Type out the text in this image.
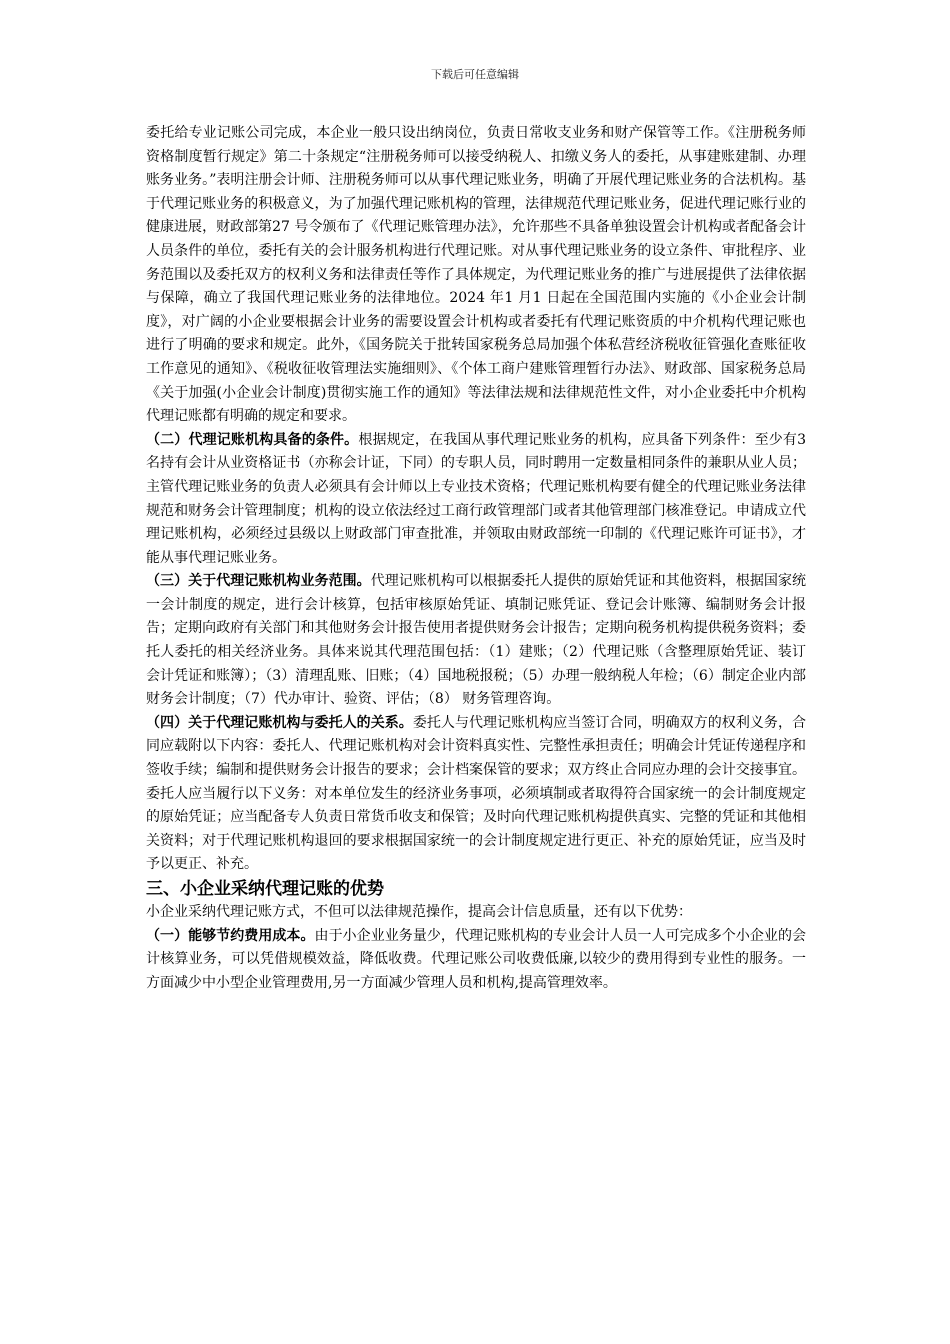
下载后可任意编辑

委托给专业记账公司完成，本企业一般只设出纳岗位，负责日常收支业务和财产保管等工作。《注册税务师资格制度暂行规定》第二十条规定“注册税务师可以接受纳税人、扣缴义务人的委托，从事建账建制、办理账务业务。”表明注册会计师、注册税务师可以从事代理记账业务，明确了开展代理记账业务的合法机构。基于代理记账业务的积极意义，为了加强代理记账机构的管理，法律规范代理记账业务，促进代理记账行业的健康进展，财政部第27 号令颁布了《代理记账管理办法》，允许那些不具备单独设置会计机构或者配备会计人员条件的单位，委托有关的会计服务机构进行代理记账。对从事代理记账业务的设立条件、审批程序、业务范围以及委托双方的权利义务和法律责任等作了具体规定，为代理记账业务的推广与进展提供了法律依据与保障，确立了我国代理记账业务的法律地位。2024 年1 月1 日起在全国范围内实施的《小企业会计制度》，对广阔的小企业要根据会计业务的需要设置会计机构或者委托有代理记账资质的中介机构代理记账也进行了明确的要求和规定。此外，《国务院关于批转国家税务总局加强个体私营经济税收征管强化查账征收工作意见的通知》、《税收征收管理法实施细则》、《个体工商户建账管理暂行办法》、财政部、国家税务总局《关于加强(小企业会计制度)贯彻实施工作的通知》等法律法规和法律规范性文件，对小企业委托中介机构代理记账都有明确的规定和要求。

（二）代理记账机构具备的条件。根据规定，在我国从事代理记账业务的机构，应具备下列条件：至少有3 名持有会计从业资格证书（亦称会计证，下同）的专职人员，同时聘用一定数量相同条件的兼职从业人员；主管代理记账业务的负责人必须具有会计师以上专业技术资格；代理记账机构要有健全的代理记账业务法律规范和财务会计管理制度；机构的设立依法经过工商行政管理部门或者其他管理部门核准登记。申请成立代理记账机构，必须经过县级以上财政部门审查批准，并领取由财政部统一印制的《代理记账许可证书》，才能从事代理记账业务。

（三）关于代理记账机构业务范围。代理记账机构可以根据委托人提供的原始凭证和其他资料，根据国家统一会计制度的规定，进行会计核算，包括审核原始凭证、填制记账凭证、登记会计账簿、编制财务会计报告；定期向政府有关部门和其他财务会计报告使用者提供财务会计报告；定期向税务机构提供税务资料；委托人委托的相关经济业务。具体来说其代理范围包括：（1）建账；（2）代理记账（含整理原始凭证、装订会计凭证和账簿）；（3）清理乱账、旧账；（4）国地税报税；（5）办理一般纳税人年检；（6）制定企业内部财务会计制度；（7）代办审计、验资、评估；（8） 财务管理咨询。

（四）关于代理记账机构与委托人的关系。委托人与代理记账机构应当签订合同，明确双方的权利义务，合同应载附以下内容：委托人、代理记账机构对会计资料真实性、完整性承担责任；明确会计凭证传递程序和签收手续；编制和提供财务会计报告的要求；会计档案保管的要求；双方终止合同应办理的会计交接事宜。委托人应当履行以下义务：对本单位发生的经济业务事项，必须填制或者取得符合国家统一的会计制度规定的原始凭证；应当配备专人负责日常货币收支和保管；及时向代理记账机构提供真实、完整的凭证和其他相关资料；对于代理记账机构退回的要求根据国家统一的会计制度规定进行更正、补充的原始凭证，应当及时予以更正、补充。

三、小企业采纳代理记账的优势

小企业采纳代理记账方式，不但可以法律规范操作，提高会计信息质量，还有以下优势：

（一）能够节约费用成本。由于小企业业务量少，代理记账机构的专业会计人员一人可完成多个小企业的会计核算业务，可以凭借规模效益，降低收费。代理记账公司收费低廉,以较少的费用得到专业性的服务。一方面减少中小型企业管理费用,另一方面减少管理人员和机构,提高管理效率。
